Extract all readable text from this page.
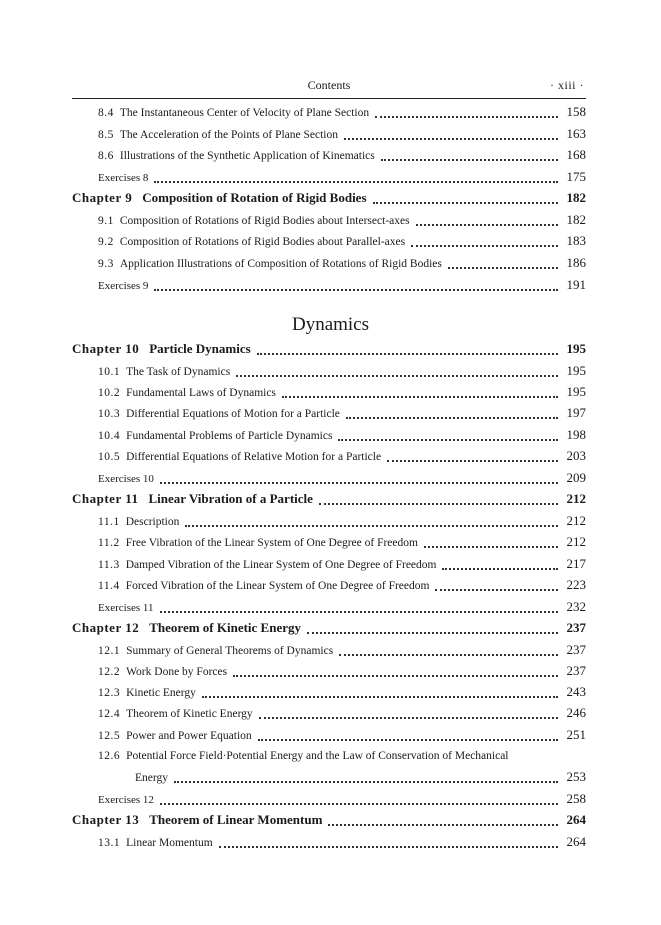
Contents	· xiii ·
Dynamics
8.4 The Instantaneous Center of Velocity of Plane Section	158
8.5 The Acceleration of the Points of Plane Section	163
8.6 Illustrations of the Synthetic Application of Kinematics	168
Exercises 8	175
Chapter 9 Composition of Rotation of Rigid Bodies	182
9.1 Composition of Rotations of Rigid Bodies about Intersect-axes	182
9.2 Composition of Rotations of Rigid Bodies about Parallel-axes	183
9.3 Application Illustrations of Composition of Rotations of Rigid Bodies	186
Exercises 9	191
Chapter 10 Particle Dynamics	195
10.1 The Task of Dynamics	195
10.2 Fundamental Laws of Dynamics	195
10.3 Differential Equations of Motion for a Particle	197
10.4 Fundamental Problems of Particle Dynamics	198
10.5 Differential Equations of Relative Motion for a Particle	203
Exercises 10	209
Chapter 11 Linear Vibration of a Particle	212
11.1 Description	212
11.2 Free Vibration of the Linear System of One Degree of Freedom	212
11.3 Damped Vibration of the Linear System of One Degree of Freedom	217
11.4 Forced Vibration of the Linear System of One Degree of Freedom	223
Exercises 11	232
Chapter 12 Theorem of Kinetic Energy	237
12.1 Summary of General Theorems of Dynamics	237
12.2 Work Done by Forces	237
12.3 Kinetic Energy	243
12.4 Theorem of Kinetic Energy	246
12.5 Power and Power Equation	251
12.6 Potential Force Field·Potential Energy and the Law of Conservation of Mechanical
Energy	253
Exercises 12	258
Chapter 13 Theorem of Linear Momentum	264
13.1 Linear Momentum	264
